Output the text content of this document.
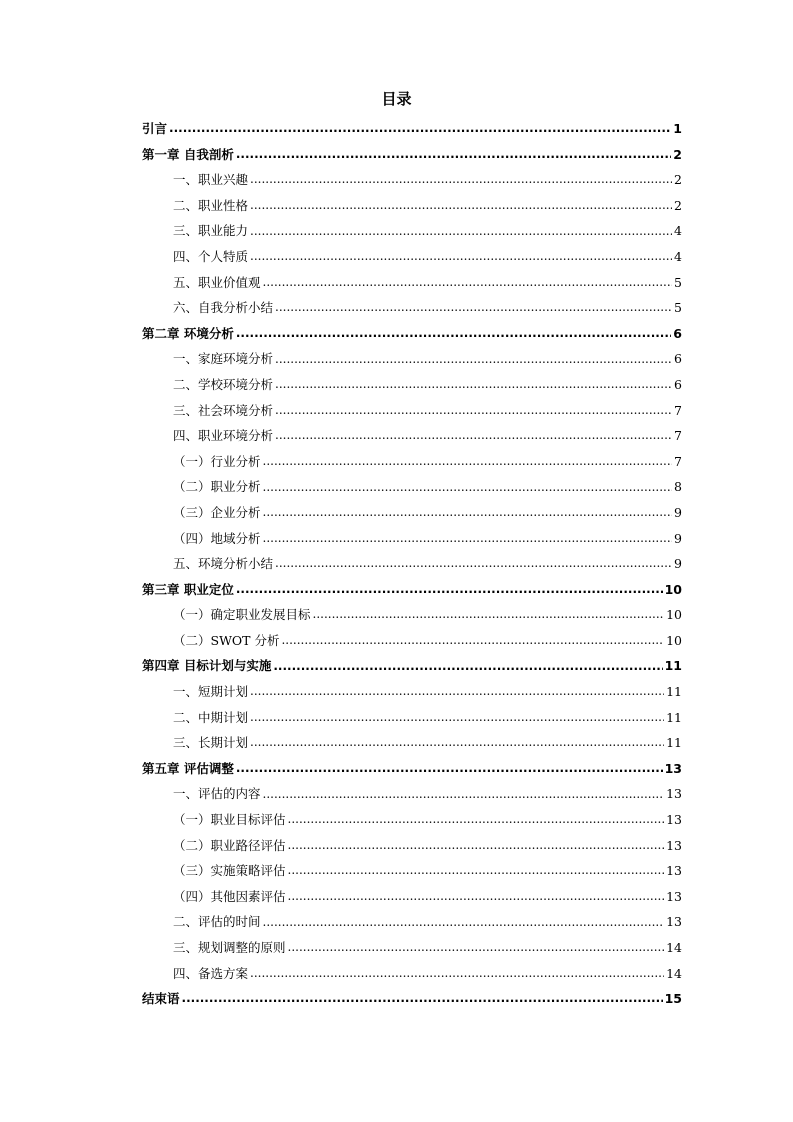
目录
引言 .....	1
第一章 自我剖析 .....	2
一、职业兴趣 .....	2
二、职业性格 .....	2
三、职业能力 .....	4
四、个人特质 .....	4
五、职业价值观 .....	5
六、自我分析小结 .....	5
第二章 环境分析 .....	6
一、家庭环境分析 .....	6
二、学校环境分析 .....	6
三、社会环境分析 .....	7
四、职业环境分析 .....	7
（一）行业分析 .....	7
（二）职业分析 .....	8
（三）企业分析 .....	9
（四）地域分析 .....	9
五、环境分析小结 .....	9
第三章 职业定位 .....	10
（一）确定职业发展目标 .....	10
（二）SWOT 分析 .....	10
第四章 目标计划与实施 .....	11
一、短期计划 .....	11
二、中期计划 .....	11
三、长期计划 .....	11
第五章 评估调整 .....	13
一、评估的内容 .....	13
（一）职业目标评估 .....	13
（二）职业路径评估 .....	13
（三）实施策略评估 .....	13
（四）其他因素评估 .....	13
二、评估的时间 .....	13
三、规划调整的原则 .....	14
四、备选方案 .....	14
结束语 .....	15
